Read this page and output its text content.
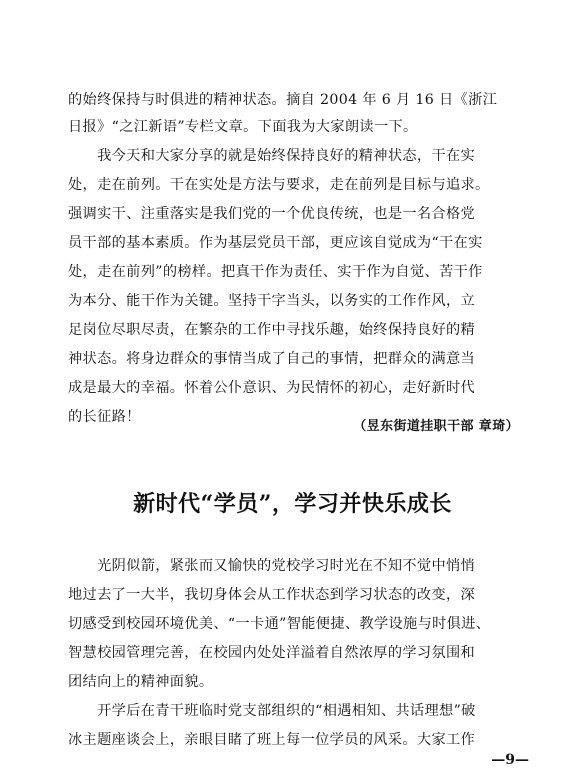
的始终保持与时俱进的精神状态。摘自 2004 年 6 月 16 日《浙江
日报》“之江新语”专栏文章。下面我为大家朗读一下。
　　我今天和大家分享的就是始终保持良好的精神状态，干在实
处，走在前列。干在实处是方法与要求，走在前列是目标与追求。
强调实干、注重落实是我们党的一个优良传统，也是一名合格党
员干部的基本素质。作为基层党员干部，更应该自觉成为“干在实
处，走在前列”的榜样。把真干作为责任、实干作为自觉、苦干作
为本分、能干作为关键。坚持干字当头，以务实的工作作风，立
足岗位尽职尽责，在繁杂的工作中寻找乐趣，始终保持良好的精
神状态。将身边群众的事情当成了自己的事情，把群众的满意当
成是最大的幸福。怀着公仆意识、为民情怀的初心，走好新时代
的长征路！
（昱东街道挂职干部 章琦）
新时代“学员”，学习并快乐成长
　　光阴似箭，紧张而又愉快的党校学习时光在不知不觉中悄悄
地过去了一大半，我切身体会从工作状态到学习状态的改变，深
切感受到校园环境优美、“一卡通”智能便捷、教学设施与时俱进、
智慧校园管理完善，在校园内处处洋溢着自然浓厚的学习氛围和
团结向上的精神面貌。
　　开学后在青干班临时党支部组织的“相遇相知、共话理想”破
冰主题座谈会上，亲眼目睹了班上每一位学员的风采。大家工作
—9—
